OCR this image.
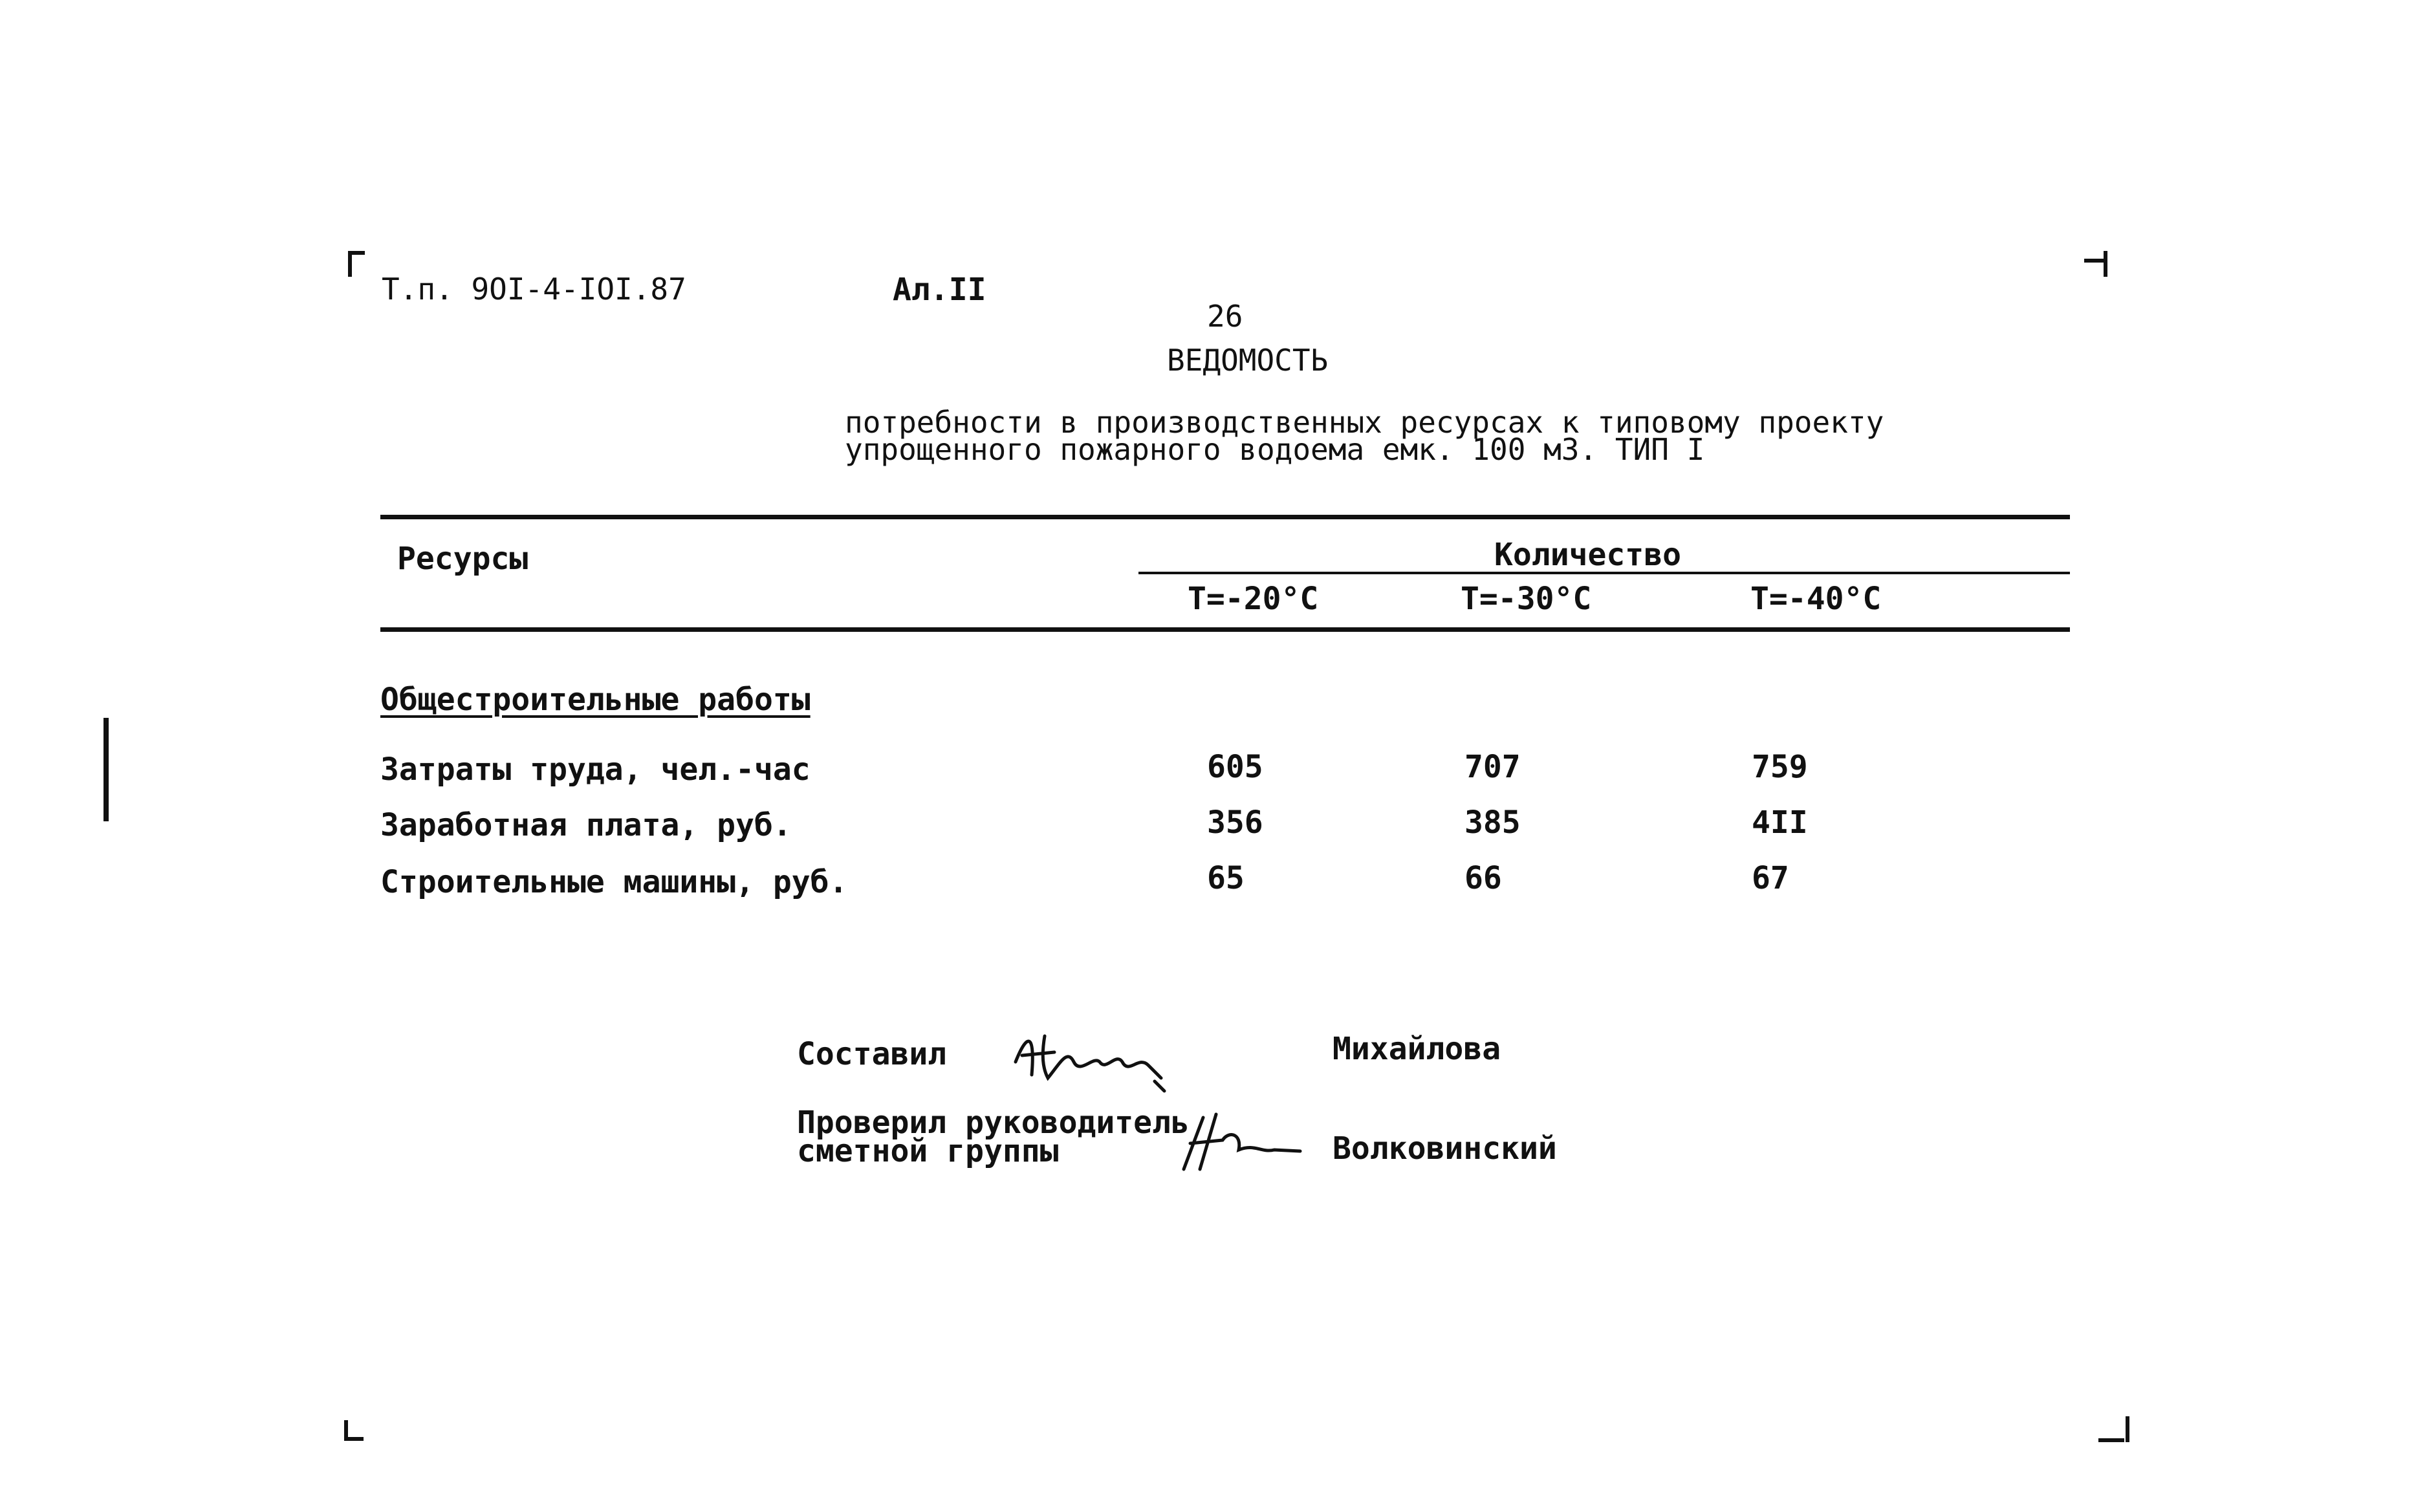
Т.п. 9OI-4-IOI.87	Ал.II
26
ВЕДОМОСТЬ
потребности в производственных ресурсах к типовому проекту
упрощенного пожарного водоема емк. 100 м3. ТИП I
Ресурсы	Количество
Т=-20°С	Т=-30°С	Т=-40°С
Общестроительные работы
Затраты труда, чел.-час	605	707	759
Заработная плата, руб.	356	385	4II
Строительные машины, руб.	65	66	67
Составил	Михайлова
Проверил руководитель
сметной группы	Волковинский
